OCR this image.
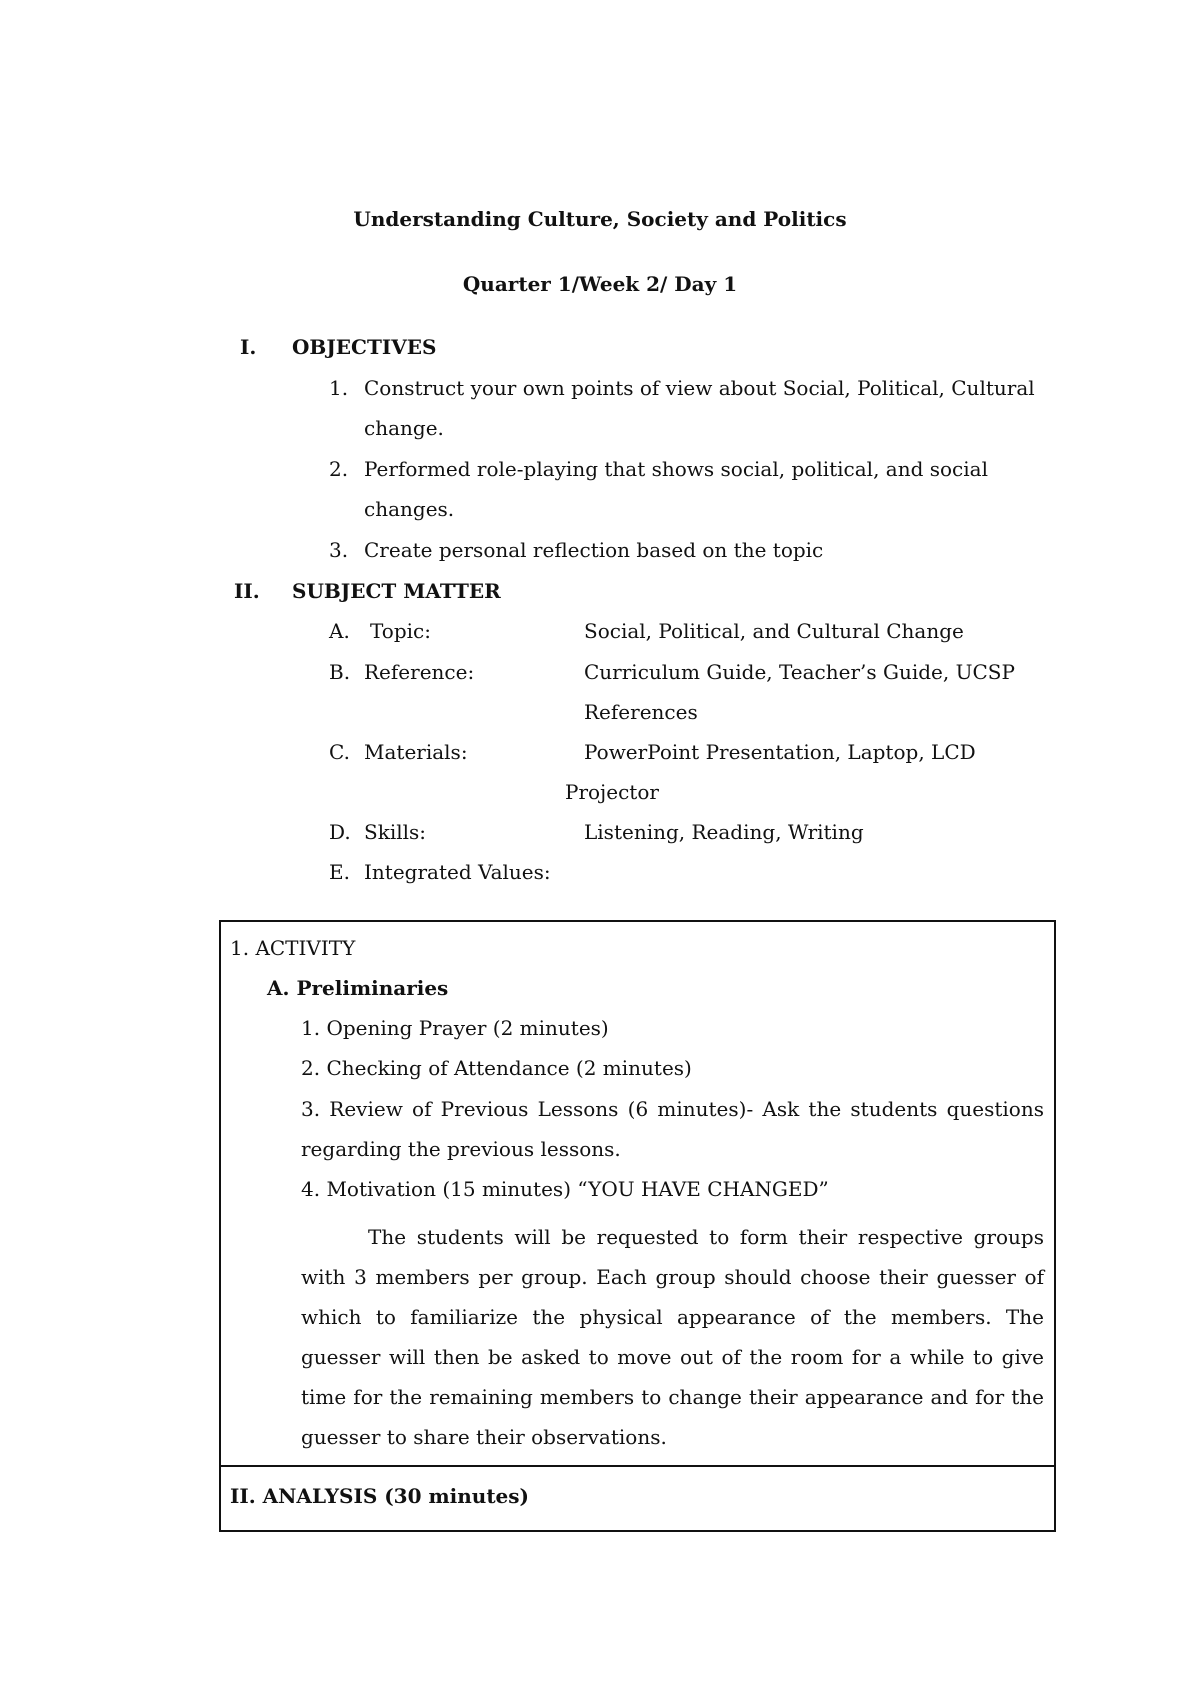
Understanding Culture, Society and Politics
Quarter 1/Week 2/ Day 1
I. OBJECTIVES
1. Construct your own points of view about Social, Political, Cultural
change.
2. Performed role-playing that shows social, political, and social
changes.
3. Create personal reflection based on the topic
II. SUBJECT MATTER
A. Topic:	Social, Political, and Cultural Change
B. Reference:	Curriculum Guide, Teacher’s Guide, UCSP
References
C. Materials:	PowerPoint Presentation, Laptop, LCD
Projector
D. Skills:	Listening, Reading, Writing
E. Integrated Values:
1. ACTIVITY
A. Preliminaries
1. Opening Prayer (2 minutes)
2. Checking of Attendance (2 minutes)
3. Review of Previous Lessons (6 minutes)- Ask the students questions
regarding the previous lessons.
4. Motivation (15 minutes) “YOU HAVE CHANGED”
The students will be requested to form their respective groups with 3 members per group. Each group should choose their guesser of which to familiarize the physical appearance of the members. The guesser will then be asked to move out of the room for a while to give time for the remaining members to change their appearance and for the guesser to share their observations.
II. ANALYSIS (30 minutes)
